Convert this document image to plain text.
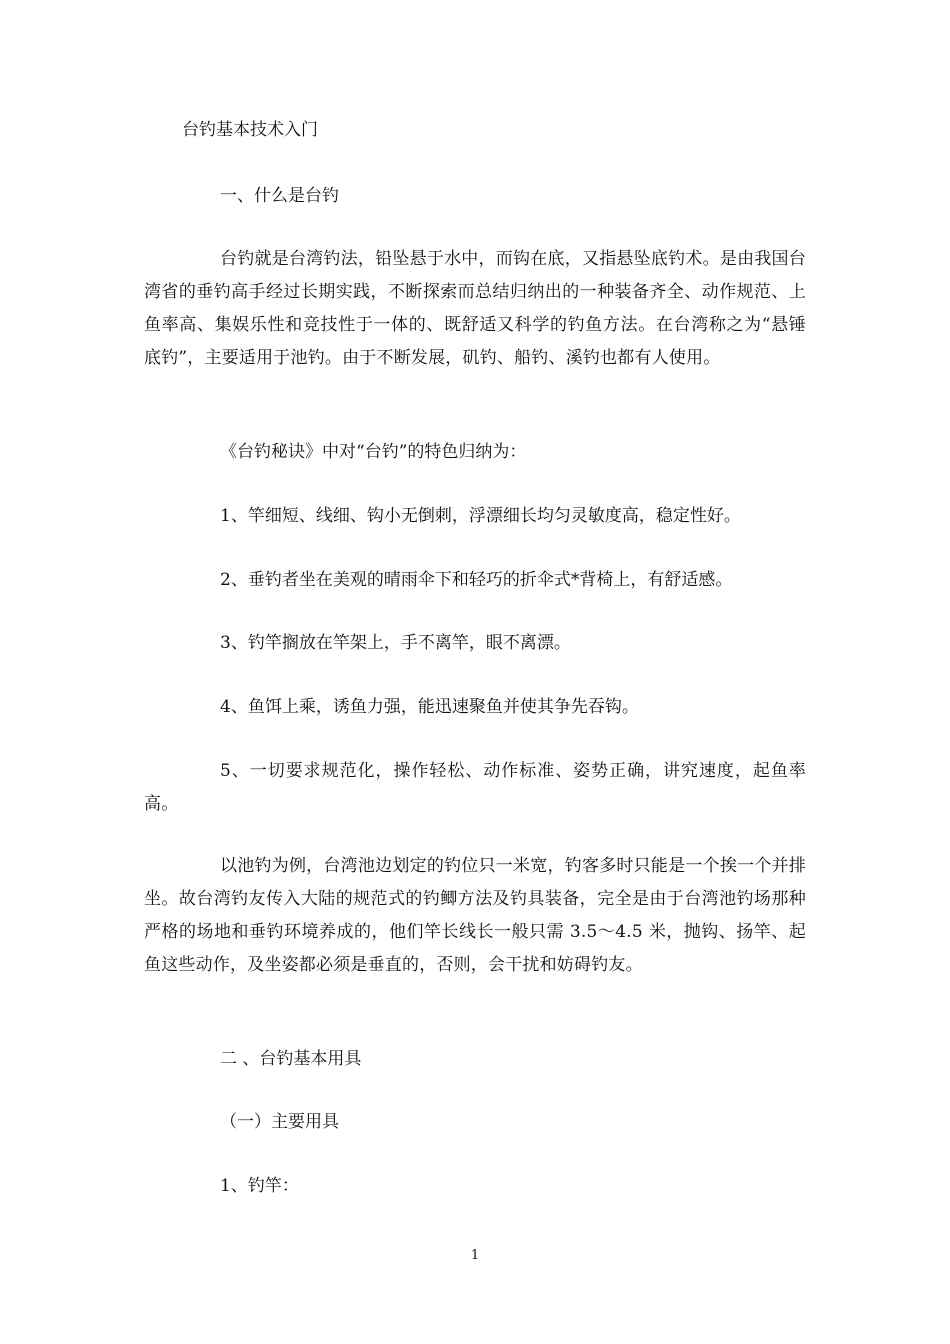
台钓基本技术入门
一、什么是台钓
台钓就是台湾钓法，铅坠悬于水中，而钩在底，又指悬坠底钓术。是由我国台湾省的垂钓高手经过长期实践，不断探索而总结归纳出的一种装备齐全、动作规范、上鱼率高、集娱乐性和竞技性于一体的、既舒适又科学的钓鱼方法。在台湾称之为“悬锤底钓”，主要适用于池钓。由于不断发展，矶钓、船钓、溪钓也都有人使用。
《台钓秘诀》中对“台钓”的特色归纳为：
1、竿细短、线细、钩小无倒刺，浮漂细长均匀灵敏度高，稳定性好。
2、垂钓者坐在美观的晴雨伞下和轻巧的折伞式*背椅上，有舒适感。
3、钓竿搁放在竿架上，手不离竿，眼不离漂。
4、鱼饵上乘，诱鱼力强，能迅速聚鱼并使其争先吞钩。
5、一切要求规范化，操作轻松、动作标准、姿势正确，讲究速度，起鱼率高。
以池钓为例，台湾池边划定的钓位只一米宽，钓客多时只能是一个挨一个并排坐。故台湾钓友传入大陆的规范式的钓鲫方法及钓具装备，完全是由于台湾池钓场那种严格的场地和垂钓环境养成的，他们竿长线长一般只需 3.5～4.5 米，抛钩、扬竿、起鱼这些动作，及坐姿都必须是垂直的，否则，会干扰和妨碍钓友。
二 、台钓基本用具
（一）主要用具
1、钓竿：
1
